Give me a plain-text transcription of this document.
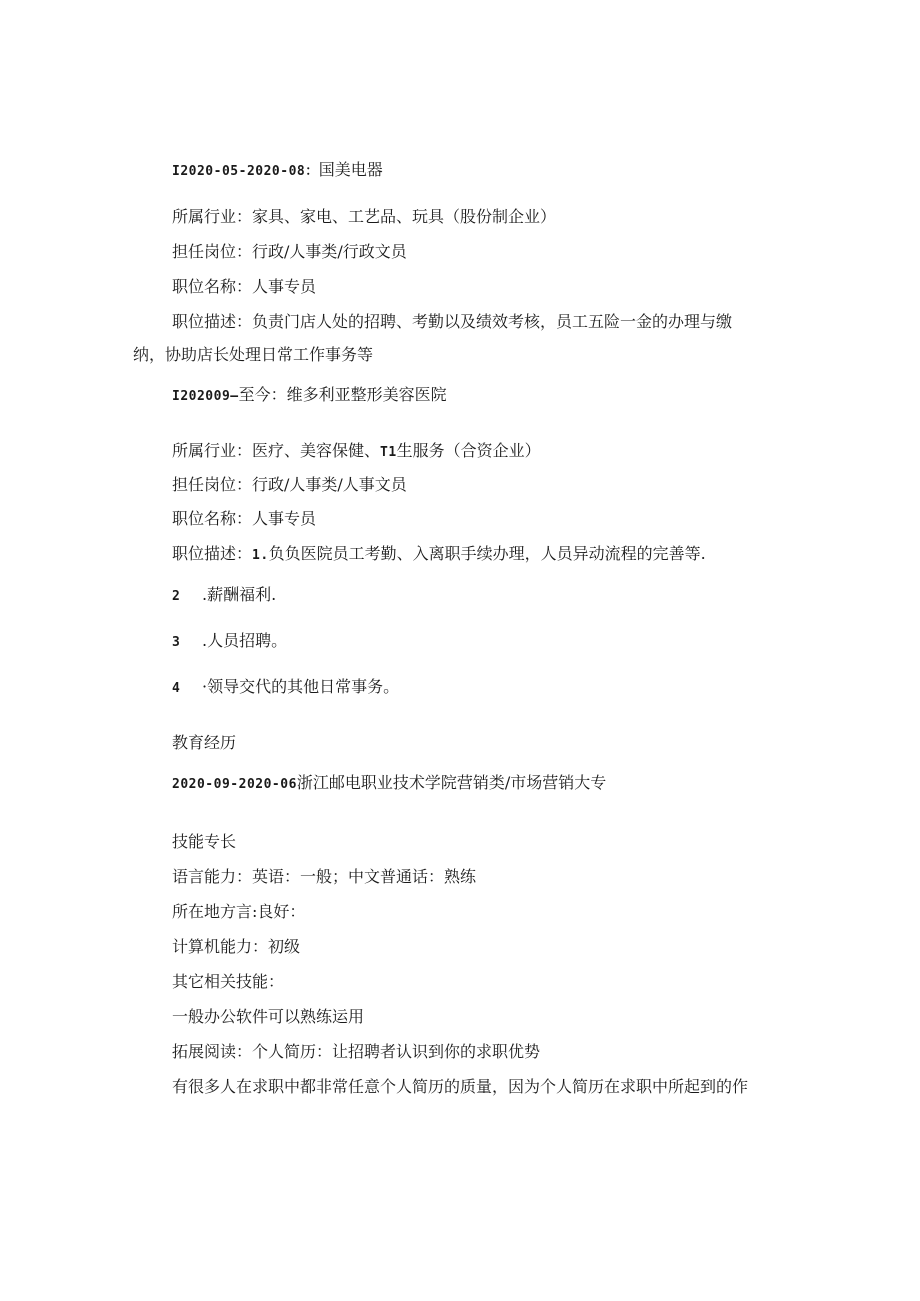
I2020-05-2020-08：国美电器
所属行业：家具、家电、工艺品、玩具（股份制企业）
担任岗位：行政/人事类/行政文员
职位名称：人事专员
职位描述：负责门店人处的招聘、考勤以及绩效考核，员工五险一金的办理与缴
纳，协助店长处理日常工作事务等
I202009—至今：维多利亚整形美容医院
所属行业：医疗、美容保健、T1生服务（合资企业）
担任岗位：行政/人事类/人事文员
职位名称：人事专员
职位描述：1.负负医院员工考勤、入离职手续办理，人员异动流程的完善等.
2 .薪酬福利.
3 .人员招聘。
4 ·领导交代的其他日常事务。
教育经历
2020-09-2020-06浙江邮电职业技术学院营销类/市场营销大专
技能专长
语言能力：英语：一般；中文普通话：熟练
所在地方言:良好：
计算机能力：初级
其它相关技能：
一般办公软件可以熟练运用
拓展阅读：个人简历：让招聘者认识到你的求职优势
有很多人在求职中都非常任意个人简历的质量，因为个人简历在求职中所起到的作
